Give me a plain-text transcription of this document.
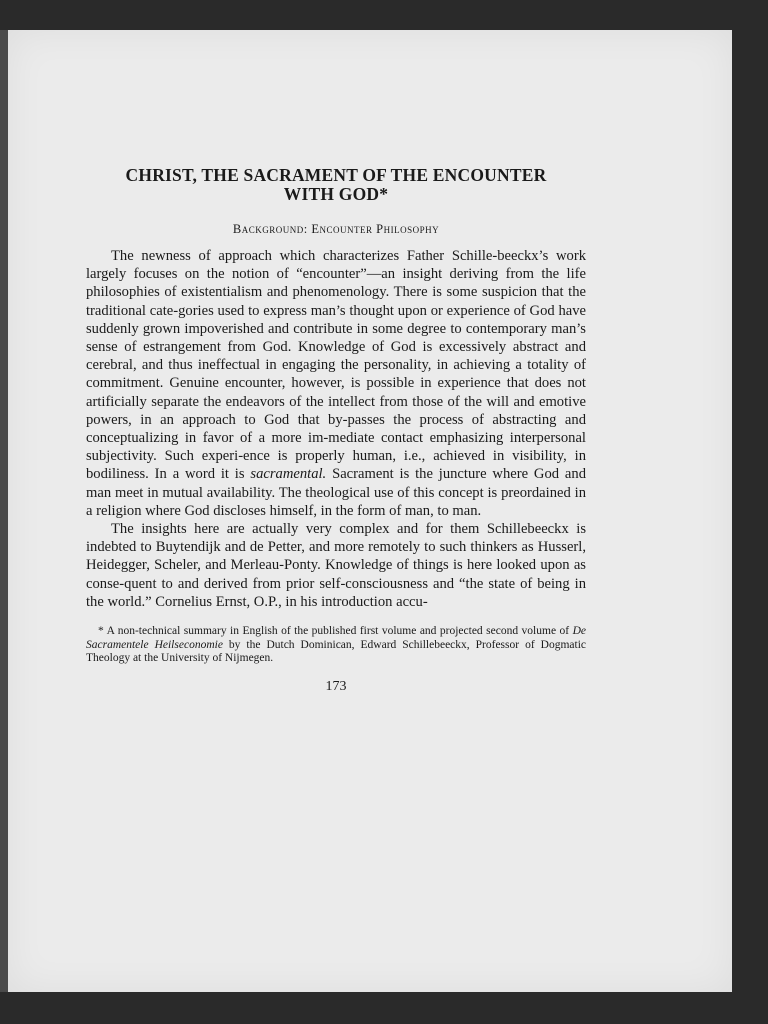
CHRIST, THE SACRAMENT OF THE ENCOUNTER
WITH GOD*
Background: Encounter Philosophy

The newness of approach which characterizes Father Schille-beeckx’s work largely focuses on the notion of “encounter”—an insight deriving from the life philosophies of existentialism and phenomenology. There is some suspicion that the traditional cate-gories used to express man’s thought upon or experience of God have suddenly grown impoverished and contribute in some degree to contemporary man’s sense of estrangement from God. Knowledge of God is excessively abstract and cerebral, and thus ineffectual in engaging the personality, in achieving a totality of commitment. Genuine encounter, however, is possible in experience that does not artificially separate the endeavors of the intellect from those of the will and emotive powers, in an approach to God that by-passes the process of abstracting and conceptualizing in favor of a more im-mediate contact emphasizing interpersonal subjectivity. Such experi-ence is properly human, i.e., achieved in visibility, in bodiliness. In a word it is sacramental. Sacrament is the juncture where God and man meet in mutual availability. The theological use of this concept is preordained in a religion where God discloses himself, in the form of man, to man.

The insights here are actually very complex and for them Schillebeeckx is indebted to Buytendijk and de Petter, and more remotely to such thinkers as Husserl, Heidegger, Scheler, and Merleau-Ponty. Knowledge of things is here looked upon as conse-quent to and derived from prior self-consciousness and “the state of being in the world.” Cornelius Ernst, O.P., in his introduction accu-

* A non-technical summary in English of the published first volume and projected second volume of De Sacramentele Heilseconomie by the Dutch Dominican, Edward Schillebeeckx, Professor of Dogmatic Theology at the University of Nijmegen.

173
